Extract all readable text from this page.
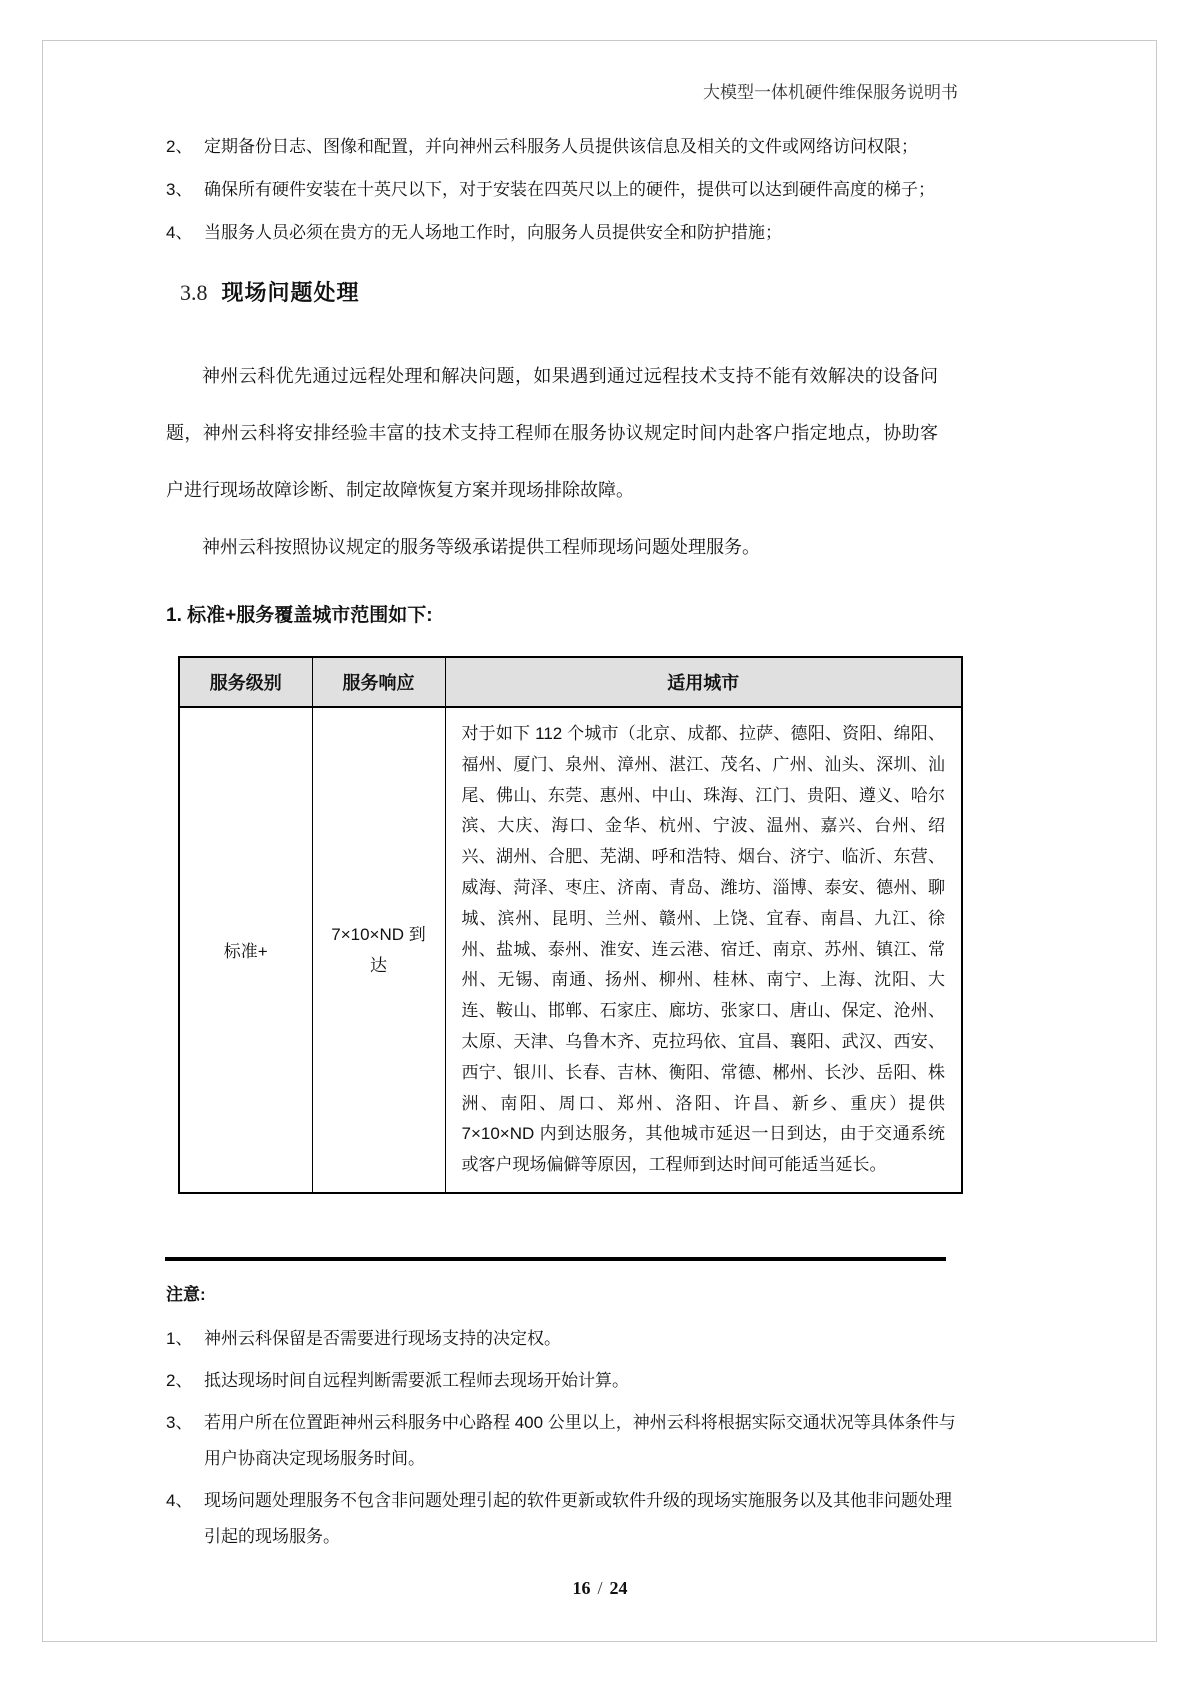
大模型一体机硬件维保服务说明书
2、 定期备份日志、图像和配置，并向神州云科服务人员提供该信息及相关的文件或网络访问权限；
3、 确保所有硬件安装在十英尺以下，对于安装在四英尺以上的硬件，提供可以达到硬件高度的梯子；
4、 当服务人员必须在贵方的无人场地工作时，向服务人员提供安全和防护措施；
3.8 现场问题处理

神州云科优先通过远程处理和解决问题，如果遇到通过远程技术支持不能有效解决的设备问题，神州云科将安排经验丰富的技术支持工程师在服务协议规定时间内赴客户指定地点，协助客户进行现场故障诊断、制定故障恢复方案并现场排除故障。

神州云科按照协议规定的服务等级承诺提供工程师现场问题处理服务。

1. 标准+服务覆盖城市范围如下:
服务级别	服务响应	适用城市
标准+	7×10×ND 到达	对于如下 112 个城市（北京、成都、拉萨、德阳、资阳、绵阳、福州、厦门、泉州、漳州、湛江、茂名、广州、汕头、深圳、汕尾、佛山、东莞、惠州、中山、珠海、江门、贵阳、遵义、哈尔滨、大庆、海口、金华、杭州、宁波、温州、嘉兴、台州、绍兴、湖州、合肥、芜湖、呼和浩特、烟台、济宁、临沂、东营、威海、菏泽、枣庄、济南、青岛、潍坊、淄博、泰安、德州、聊城、滨州、昆明、兰州、赣州、上饶、宜春、南昌、九江、徐州、盐城、泰州、淮安、连云港、宿迁、南京、苏州、镇江、常州、无锡、南通、扬州、柳州、桂林、南宁、上海、沈阳、大连、鞍山、邯郸、石家庄、廊坊、张家口、唐山、保定、沧州、太原、天津、乌鲁木齐、克拉玛依、宜昌、襄阳、武汉、西安、西宁、银川、长春、吉林、衡阳、常德、郴州、长沙、岳阳、株洲、南阳、周口、郑州、洛阳、许昌、新乡、重庆）提供 7×10×ND 内到达服务，其他城市延迟一日到达，由于交通系统或客户现场偏僻等原因，工程师到达时间可能适当延长。
注意:
1、 神州云科保留是否需要进行现场支持的决定权。
2、 抵达现场时间自远程判断需要派工程师去现场开始计算。
3、 若用户所在位置距神州云科服务中心路程 400 公里以上，神州云科将根据实际交通状况等具体条件与用户协商决定现场服务时间。
4、 现场问题处理服务不包含非问题处理引起的软件更新或软件升级的现场实施服务以及其他非问题处理引起的现场服务。
16 / 24
